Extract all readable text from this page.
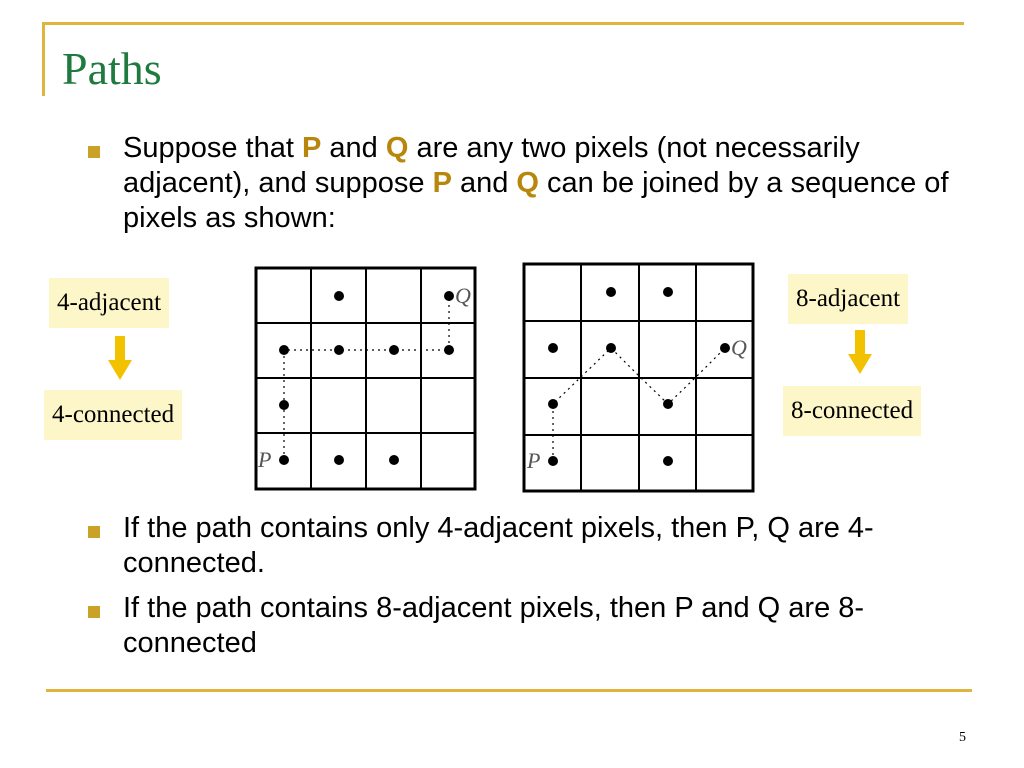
Paths

Suppose that P and Q are any two pixels (not necessarily adjacent), and suppose P and Q can be joined by a sequence of pixels as shown:

If the path contains only 4-adjacent pixels, then P, Q are 4-connected.

If the path contains 8-adjacent pixels, then P and Q are 8-connected

4-adjacent
4-connected
8-adjacent
8-connected
P
Q
P
Q
5
